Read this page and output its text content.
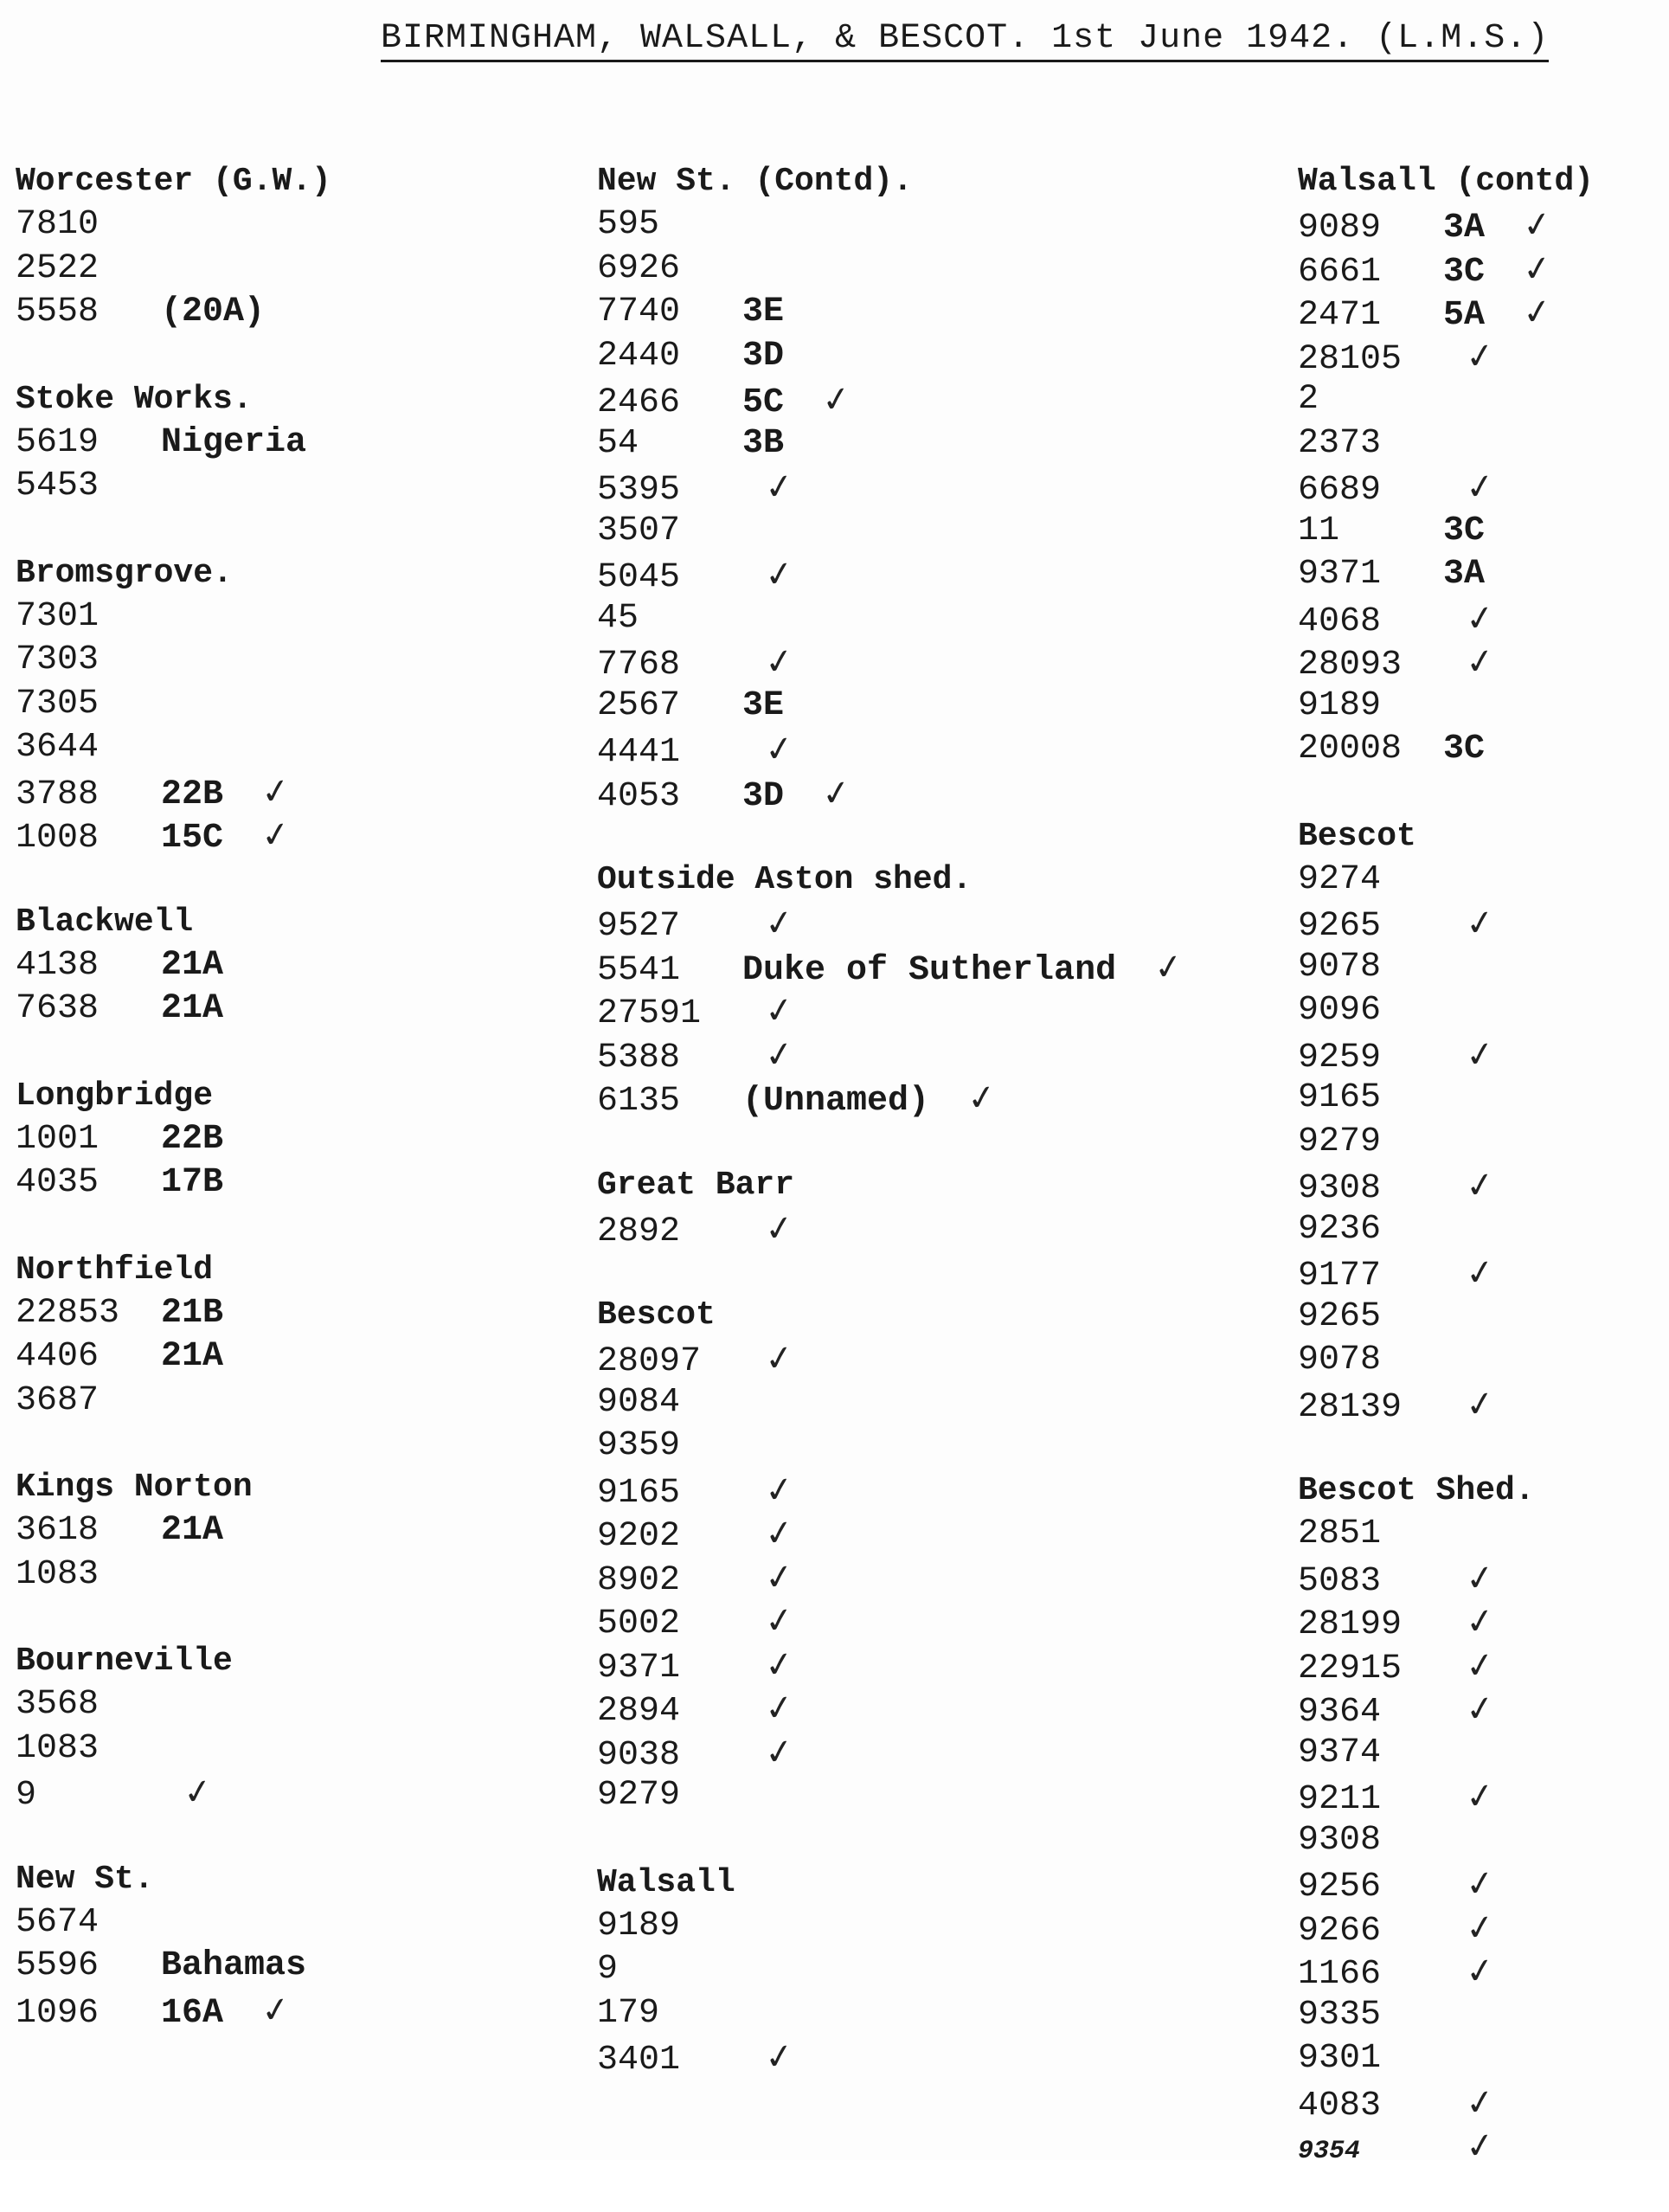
BIRMINGHAM, WALSALL, & BESCOT. 1st June 1942. (L.M.S.)
Worcester (G.W.)
7810
2522
5558 (20A)
Stoke Works.
5619 Nigeria
5453
Bromsgrove.
7301
7303
7305
3644
3788 22B ✓
1008 15C ✓
Blackwell
4138 21A
7638 21A
Longbridge
1001 22B
4035 17B
Northfield
22853 21B
4406 21A
3687
Kings Norton
3618 21A
1083
Bourneville
3568
1083
9	✓
New St.
5674
5596 Bahamas
1096 16A ✓
New St. (Contd).
595
6926
7740 3E
2440 3D
2466 5C ✓
54	3B
5395 ✓
3507
5045 ✓
45
7768 ✓
2567 3E
4441 ✓
4053 3D ✓
Outside Aston shed.
9527 ✓
5541 Duke of Sutherland ✓
27591 ✓
5388 ✓
6135 (Unnamed) ✓
Great Barr
2892 ✓
Bescot
28097 ✓
9084
9359
9165 ✓
9202 ✓
8902 ✓
5002 ✓
9371 ✓
2894 ✓
9038 ✓
9279
Walsall
9189
9
179
3401 ✓
Walsall (contd)
9089 3A ✓
6661 3C ✓
2471 5A ✓
28105 ✓
2
2373
6689 ✓
11	3C
9371 3A
4068 ✓
28093 ✓
9189
20008 3C
Bescot
9274
9265 ✓
9078
9096
9259 ✓
9165
9279
9308 ✓
9236
9177 ✓
9265
9078
28139 ✓
Bescot Shed.
2851
5083 ✓
28199 ✓
22915 ✓
9364 ✓
9374
9211 ✓
9308
9256 ✓
9266 ✓
1166 ✓
9335
9301
4083 ✓
9354	✓
